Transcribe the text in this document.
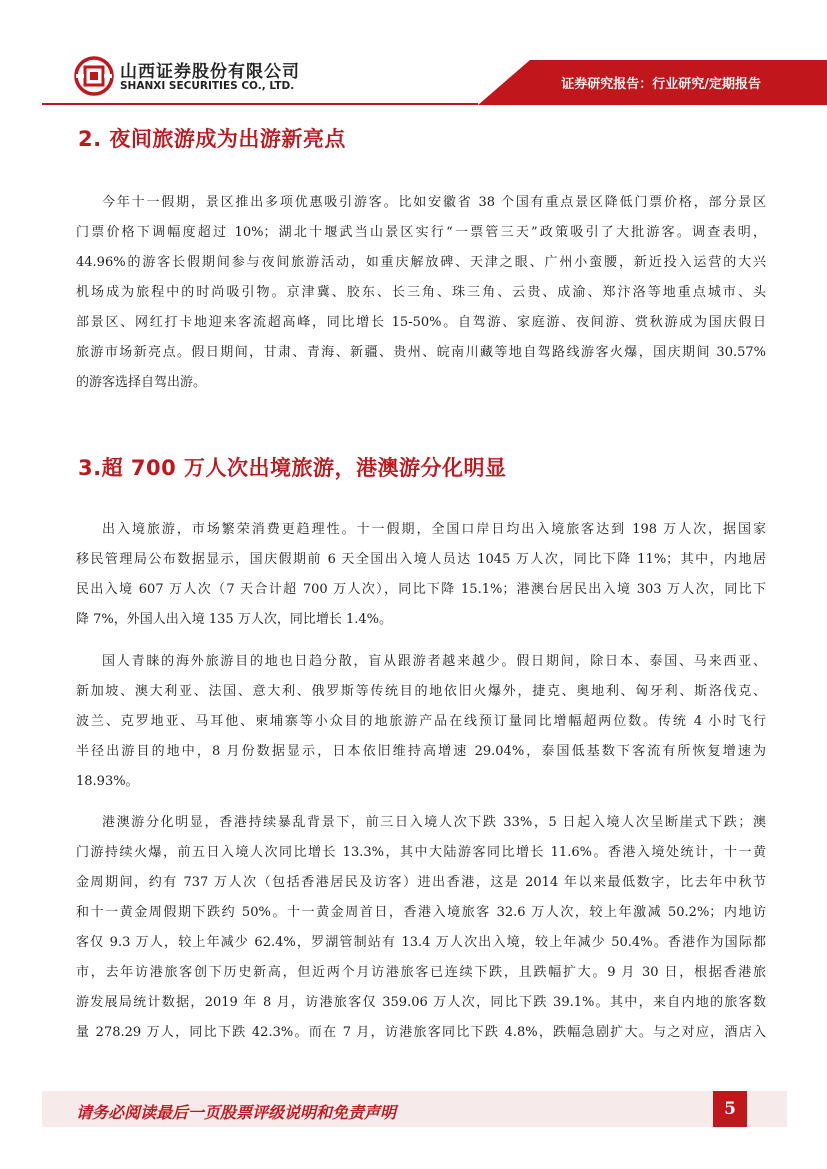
山西证券股份有限公司
SHANXI SECURITIES CO., LTD.	证券研究报告：行业研究/定期报告
2. 夜间旅游成为出游新亮点
今年十一假期，景区推出多项优惠吸引游客。比如安徽省 38 个国有重点景区降低门票价格，部分景区
门票价格下调幅度超过 10%；湖北十堰武当山景区实行“一票管三天”政策吸引了大批游客。调查表明，
44.96%的游客长假期间参与夜间旅游活动，如重庆解放碑、天津之眼、广州小蛮腰，新近投入运营的大兴
机场成为旅程中的时尚吸引物。京津冀、胶东、长三角、珠三角、云贵、成渝、郑汴洛等地重点城市、头
部景区、网红打卡地迎来客流超高峰，同比增长 15-50%。自驾游、家庭游、夜间游、赏秋游成为国庆假日
旅游市场新亮点。假日期间，甘肃、青海、新疆、贵州、皖南川藏等地自驾路线游客火爆，国庆期间 30.57%
的游客选择自驾出游。
3.超 700 万人次出境旅游，港澳游分化明显
出入境旅游，市场繁荣消费更趋理性。十一假期，全国口岸日均出入境旅客达到 198 万人次，据国家
移民管理局公布数据显示，国庆假期前 6 天全国出入境人员达 1045 万人次，同比下降 11%；其中，内地居
民出入境 607 万人次（7 天合计超 700 万人次），同比下降 15.1%；港澳台居民出入境 303 万人次，同比下
降 7%，外国人出入境 135 万人次，同比增长 1.4%。
国人青睐的海外旅游目的地也日趋分散，盲从跟游者越来越少。假日期间，除日本、泰国、马来西亚、
新加坡、澳大利亚、法国、意大利、俄罗斯等传统目的地依旧火爆外，捷克、奥地利、匈牙利、斯洛伐克、
波兰、克罗地亚、马耳他、柬埔寨等小众目的地旅游产品在线预订量同比增幅超两位数。传统 4 小时飞行
半径出游目的地中，8 月份数据显示，日本依旧维持高增速 29.04%，泰国低基数下客流有所恢复增速为
18.93%。
港澳游分化明显，香港持续暴乱背景下，前三日入境人次下跌 33%，5 日起入境人次呈断崖式下跌；澳
门游持续火爆，前五日入境人次同比增长 13.3%，其中大陆游客同比增长 11.6%。香港入境处统计，十一黄
金周期间，约有 737 万人次（包括香港居民及访客）进出香港，这是 2014 年以来最低数字，比去年中秋节
和十一黄金周假期下跌约 50%。十一黄金周首日，香港入境旅客 32.6 万人次，较上年激减 50.2%；内地访
客仅 9.3 万人，较上年减少 62.4%，罗湖管制站有 13.4 万人次出入境，较上年减少 50.4%。香港作为国际都
市，去年访港旅客创下历史新高，但近两个月访港旅客已连续下跌，且跌幅扩大。9 月 30 日，根据香港旅
游发展局统计数据，2019 年 8 月，访港旅客仅 359.06 万人次，同比下跌 39.1%。其中，来自内地的旅客数
量 278.29 万人，同比下跌 42.3%。而在 7 月，访港旅客同比下跌 4.8%，跌幅急剧扩大。与之对应，酒店入
请务必阅读最后一页股票评级说明和免责声明	5
